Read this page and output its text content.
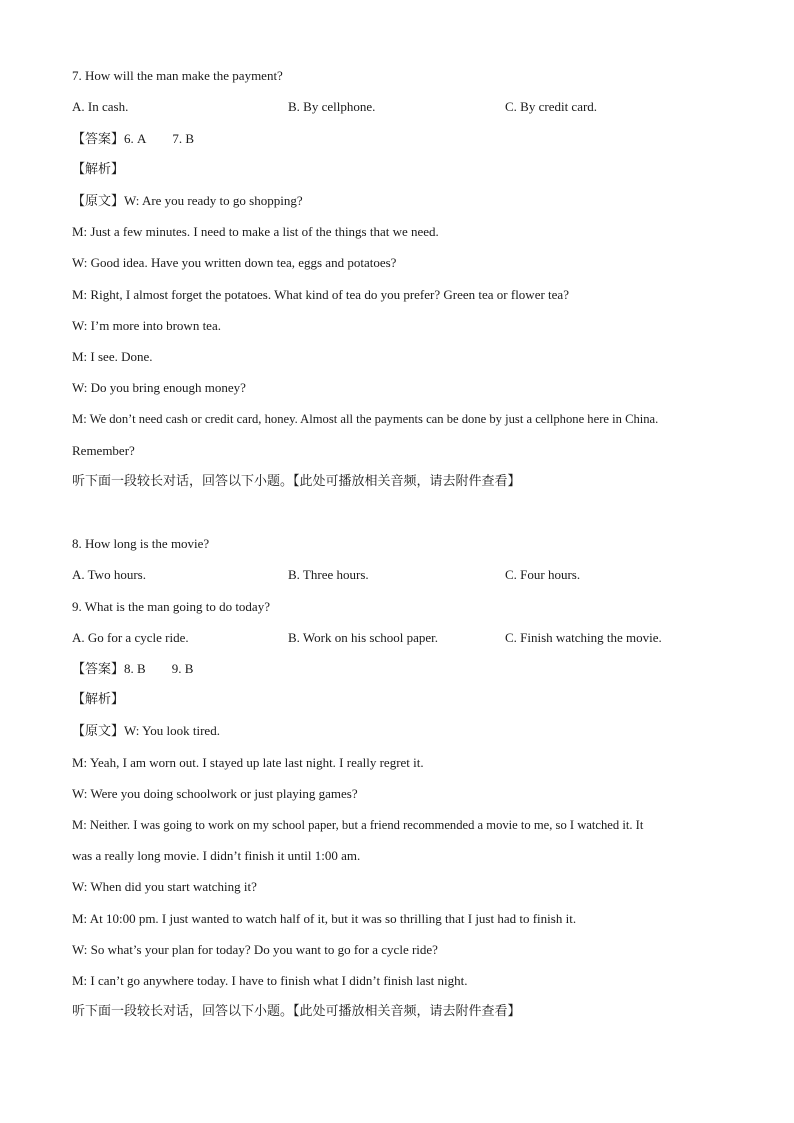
7. How will the man make the payment?
A. In cash.	B. By cellphone.	C. By credit card.
【答案】6. A 7. B
【解析】
【原文】W: Are you ready to go shopping?
M: Just a few minutes. I need to make a list of the things that we need.
W: Good idea. Have you written down tea, eggs and potatoes?
M: Right, I almost forget the potatoes. What kind of tea do you prefer? Green tea or flower tea?
W: I’m more into brown tea.
M: I see. Done.
W: Do you bring enough money?
M: We don’t need cash or credit card, honey. Almost all the payments can be done by just a cellphone here in China.
Remember?
听下面一段较长对话，回答以下小题。【此处可播放相关音频，请去附件查看】
8. How long is the movie?
A. Two hours.	B. Three hours.	C. Four hours.
9. What is the man going to do today?
A. Go for a cycle ride.	B. Work on his school paper.	C. Finish watching the movie.
【答案】8. B 9. B
【解析】
【原文】W: You look tired.
M: Yeah, I am worn out. I stayed up late last night. I really regret it.
W: Were you doing schoolwork or just playing games?
M: Neither. I was going to work on my school paper, but a friend recommended a movie to me, so I watched it. It
was a really long movie. I didn’t finish it until 1:00 am.
W: When did you start watching it?
M: At 10:00 pm. I just wanted to watch half of it, but it was so thrilling that I just had to finish it.
W: So what’s your plan for today? Do you want to go for a cycle ride?
M: I can’t go anywhere today. I have to finish what I didn’t finish last night.
听下面一段较长对话，回答以下小题。【此处可播放相关音频，请去附件查看】
